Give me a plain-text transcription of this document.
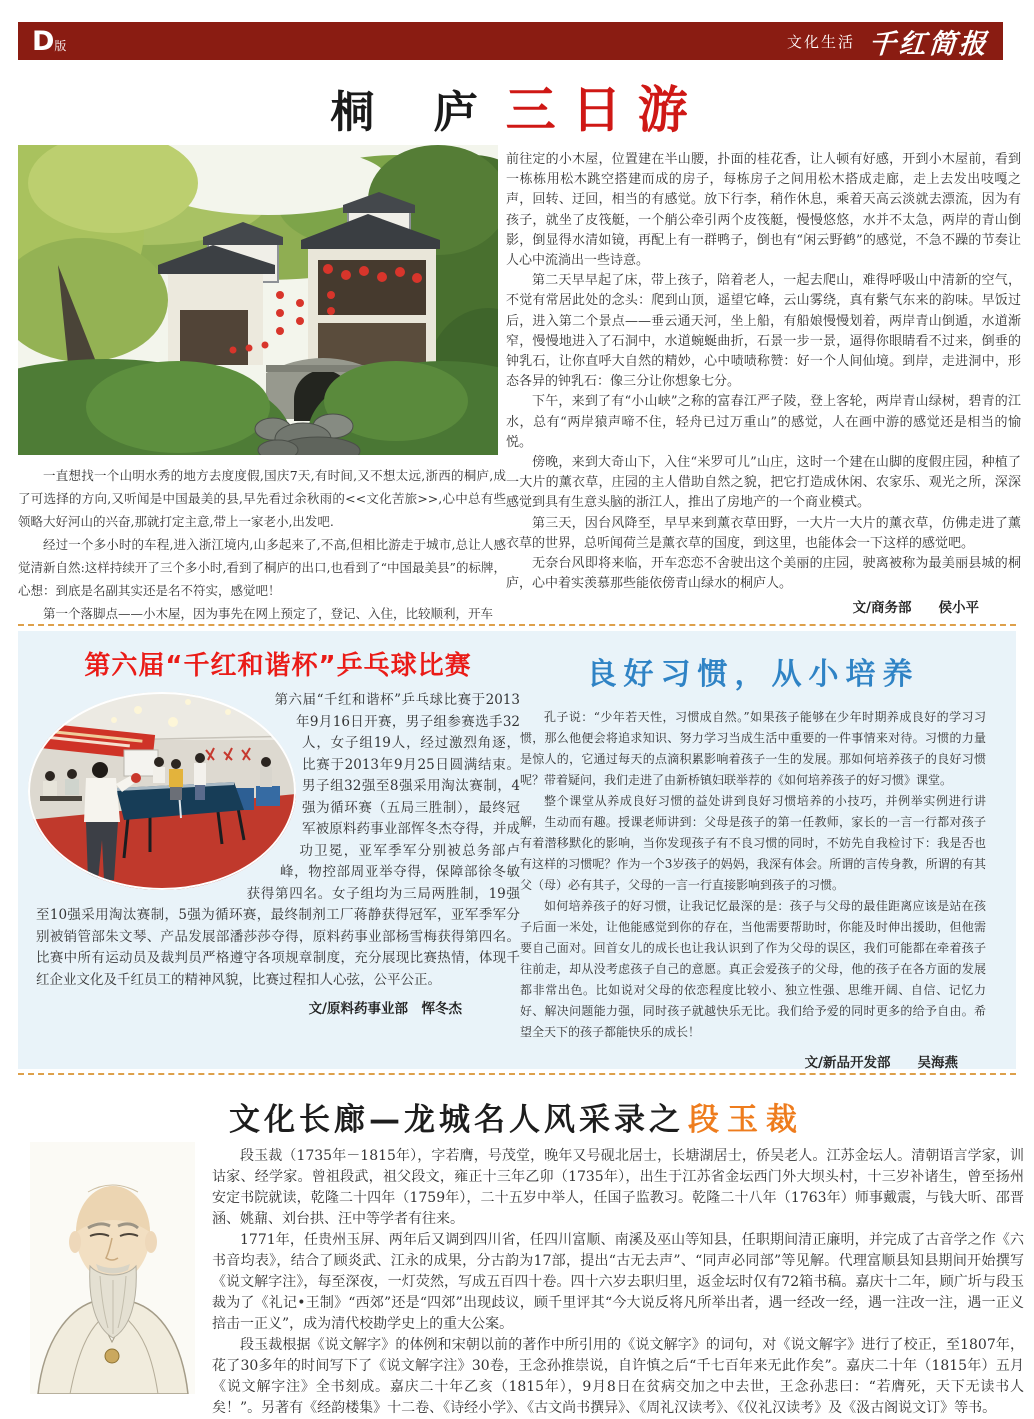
D版	文化生活 千红简报
桐 庐 三日游

一直想找一个山明水秀的地方去度度假,国庆7天,有时间,又不想太远,浙西的桐庐,成了可选择的方向,又听闻是中国最美的县,早先看过余秋雨的<<文化苦旅>>,心中总有些领略大好河山的兴奋,那就打定主意,带上一家老小,出发吧.

经过一个多小时的车程,进入浙江境内,山多起来了,不高,但相比游走于城市,总让人感觉清新自然:这样持续开了三个多小时,看到了桐庐的出口,也看到了“中国最美县”的标牌，心想：到底是名副其实还是名不符实，感觉吧！

第一个落脚点——小木屋，因为事先在网上预定了，登记、入住，比较顺利，开车

前往定的小木屋，位置建在半山腰，扑面的桂花香，让人顿有好感，开到小木屋前，看到一栋栋用松木跳空搭建而成的房子，每栋房子之间用松木搭成走廊，走上去发出吱嘎之声，回转、迂回，相当的有感觉。放下行李，稍作休息，乘着天高云淡就去漂流，因为有孩子，就坐了皮筏艇，一个艄公牵引两个皮筏艇，慢慢悠悠，水并不太急，两岸的青山倒影，倒显得水清如镜，再配上有一群鸭子，倒也有“闲云野鹤”的感觉，不急不躁的节奏让人心中流淌出一些诗意。

第二天早早起了床，带上孩子，陪着老人，一起去爬山，难得呼吸山中清新的空气，不觉有常居此处的念头：爬到山顶，遥望它峰，云山雾绕，真有紫气东来的韵味。早饭过后，进入第二个景点——垂云通天河，坐上船，有船娘慢慢划着，两岸青山倒遁，水道渐窄，慢慢地进入了石洞中，水道蜿蜒曲折，石景一步一景，逼得你眼睛看不过来，倒垂的钟乳石，让你直呼大自然的精妙，心中啧啧称赞：好一个人间仙境。到岸，走进洞中，形态各异的钟乳石：像三分让你想象七分。

下午，来到了有“小山峡”之称的富春江严子陵，登上客轮，两岸青山绿树，碧青的江水，总有“两岸猿声啼不住，轻舟已过万重山”的感觉，人在画中游的感觉还是相当的愉悦。

傍晚，来到大奇山下，入住“米罗可儿”山庄，这时一个建在山脚的度假庄园，种植了一大片的薰衣草，庄园的主人借助自然之貌，把它打造成休闲、农家乐、观光之所，深深感觉到具有生意头脑的浙江人，推出了房地产的一个商业模式。

第三天，因台风降至，早早来到薰衣草田野，一大片一大片的薰衣草，仿佛走进了薰衣草的世界，总听闻荷兰是薰衣草的国度，到这里，也能体会一下这样的感觉吧。

无奈台风即将来临，开车恋恋不舍驶出这个美丽的庄园，驶离被称为最美丽县城的桐庐，心中着实羡慕那些能依傍青山绿水的桐庐人。

文/商务部　　侯小平
第六届“千红和谐杯”乒乓球比赛

第六届“千红和谐杯”乒乓球比赛于2013年9月16日开赛，男子组参赛选手32人，女子组19人，经过激烈角逐，比赛于2013年9月25日圆满结束。男子组32强至8强采用淘汰赛制，4强为循环赛（五局三胜制），最终冠军被原料药事业部恽冬杰夺得，并成功卫冕，亚军季军分别被总务部卢峰，物控部周亚举夺得，保障部徐冬敏获得第四名。女子组均为三局两胜制，19强至10强采用淘汰赛制，5强为循环赛，最终制剂工厂蒋静获得冠军，亚军季军分别被销管部朱文琴、产品发展部潘莎莎夺得，原料药事业部杨雪梅获得第四名。比赛中所有运动员及裁判员严格遵守各项规章制度，充分展现比赛热情，体现千红企业文化及千红员工的精神风貌，比赛过程扣人心弦，公平公正。

文/原料药事业部　恽冬杰
良好习惯，从小培养

孔子说：“少年若天性，习惯成自然。”如果孩子能够在少年时期养成良好的学习习惯，那么他便会将追求知识、努力学习当成生活中重要的一件事情来对待。习惯的力量是惊人的，它通过每天的点滴积累影响着孩子一生的发展。那如何培养孩子的良好习惯呢？带着疑问，我们走进了由新桥镇妇联举荐的《如何培养孩子的好习惯》课堂。

整个课堂从养成良好习惯的益处讲到良好习惯培养的小技巧，并例举实例进行讲解，生动而有趣。授课老师讲到：父母是孩子的第一任教师，家长的一言一行都对孩子有着潜移默化的影响，当你发现孩子有不良习惯的同时，不妨先自我检讨下：我是否也有这样的习惯呢？作为一个3岁孩子的妈妈，我深有体会。所谓的言传身教，所谓的有其父（母）必有其子，父母的一言一行直接影响到孩子的习惯。

如何培养孩子的好习惯，让我记忆最深的是：孩子与父母的最佳距离应该是站在孩子后面一米处，让他能感觉到你的存在，当他需要帮助时，你能及时伸出援助，但他需要自己面对。回首女儿的成长也让我认识到了作为父母的误区，我们可能都在牵着孩子往前走，却从没考虑孩子自己的意愿。真正会爱孩子的父母，他的孩子在各方面的发展都非常出色。比如说对父母的依恋程度比较小、独立性强、思维开阔、自信、记忆力好、解决问题能力强，同时孩子就越快乐无比。我们给予爱的同时更多的给予自由。希望全天下的孩子都能快乐的成长！

文/新品开发部　　吴海燕
文化长廊—龙城名人风采录之 段玉裁

段玉裁（1735年－1815年），字若膺，号茂堂，晚年又号砚北居士，长塘湖居士，侨吴老人。江苏金坛人。清朝语言学家，训诂家、经学家。曾祖段武，祖父段文，雍正十三年乙卯（1735年），出生于江苏省金坛西门外大坝头村，十三岁补诸生，曾至扬州安定书院就读，乾隆二十四年（1759年），二十五岁中举人，任国子监教习。乾隆二十八年（1763年）师事戴震，与钱大昕、邵晋涵、姚鼐、刘台拱、汪中等学者有往来。

1771年，任贵州玉屏、两年后又调到四川省，任四川富顺、南溪及巫山等知县，任职期间清正廉明，并完成了古音学之作《六书音均表》，结合了顾炎武、江永的成果，分古韵为17部，提出“古无去声”、“同声必同部”等见解。代理富顺县知县期间开始撰写《说文解字注》，每至深夜，一灯荧然，写成五百四十卷。四十六岁去职归里，返金坛时仅有72箱书稿。嘉庆十二年，顾广圻与段玉裁为了《礼记•王制》“西郊”还是“四郊”出现歧议，顾千里评其“今大说反将凡所举出者，遇一经改一经，遇一注改一注，遇一正义掊击一正义”，成为清代校勘学史上的重大公案。

段玉裁根据《说文解字》的体例和宋朝以前的著作中所引用的《说文解字》的词句，对《说文解字》进行了校正，至1807年，花了30多年的时间写下了《说文解字注》30卷，王念孙推崇说，自许慎之后“千七百年来无此作矣”。嘉庆二十年（1815年）五月《说文解字注》全书刻成。嘉庆二十年乙亥（1815年），9月8日在贫病交加之中去世，王念孙悲曰：“若膺死，天下无读书人矣！”。另著有《经韵楼集》十二卷、《诗经小学》、《古文尚书撰异》、《周礼汉读考》、《仪礼汉读考》及《汲古阁说文订》等书。
